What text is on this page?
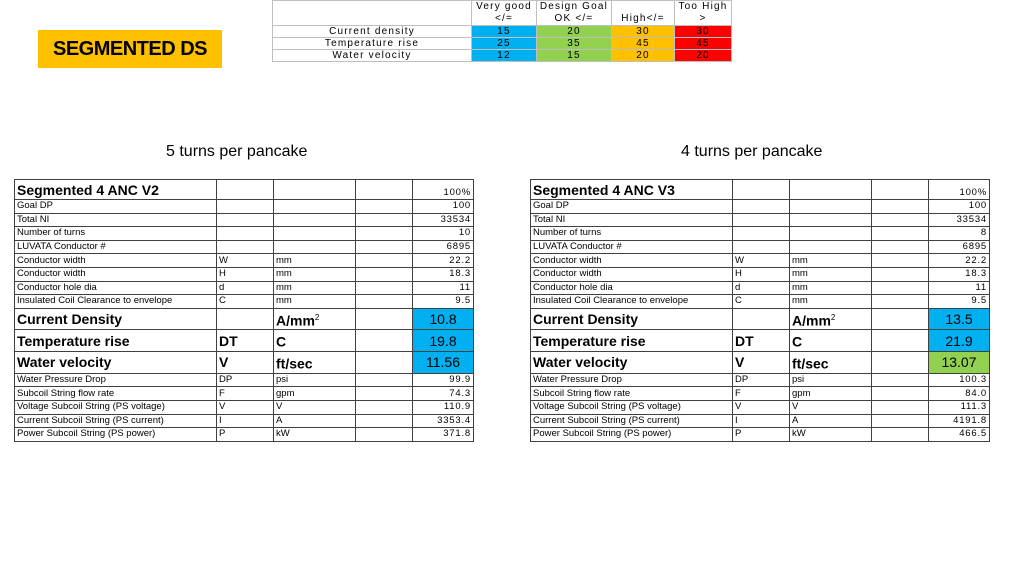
SEGMENTED DS
	Very good </=	Design Goal OK </=	High</=	Too High >
Current density	15	20	30	30
Temperature rise	25	35	45	45
Water velocity	12	15	20	20
5 turns per pancake	4 turns per pancake
Segmented 4 ANC V2				100%
Goal DP				100
Total NI				33534
Number of turns				10
LUVATA Conductor #				6895
Conductor width	W	mm		22.2
Conductor width	H	mm		18.3
Conductor hole dia	d	mm		11
Insulated Coil Clearance to envelope	C	mm		9.5
Current Density		$A/mm^2$		10.8
Temperature rise	DT	C		19.8
Water velocity	V	ft/sec		11.56
Water Pressure Drop	DP	psi		99.9
Subcoil String flow rate	F	gpm		74.3
Voltage Subcoil String (PS voltage)	V	V		110.9
Current Subcoil String (PS current)	I	A		3353.4
Power Subcoil String (PS power)	P	kW		371.8
Segmented 4 ANC V3				100%
Goal DP				100
Total NI				33534
Number of turns				8
LUVATA Conductor #				6895
Conductor width	W	mm		22.2
Conductor width	H	mm		18.3
Conductor hole dia	d	mm		11
Insulated Coil Clearance to envelope	C	mm		9.5
Current Density		$A/mm^2$		13.5
Temperature rise	DT	C		21.9
Water velocity	V	ft/sec		13.07
Water Pressure Drop	DP	psi		100.3
Subcoil String flow rate	F	gpm		84.0
Voltage Subcoil String (PS voltage)	V	V		111.3
Current Subcoil String (PS current)	I	A		4191.8
Power Subcoil String (PS power)	P	kW		466.5
